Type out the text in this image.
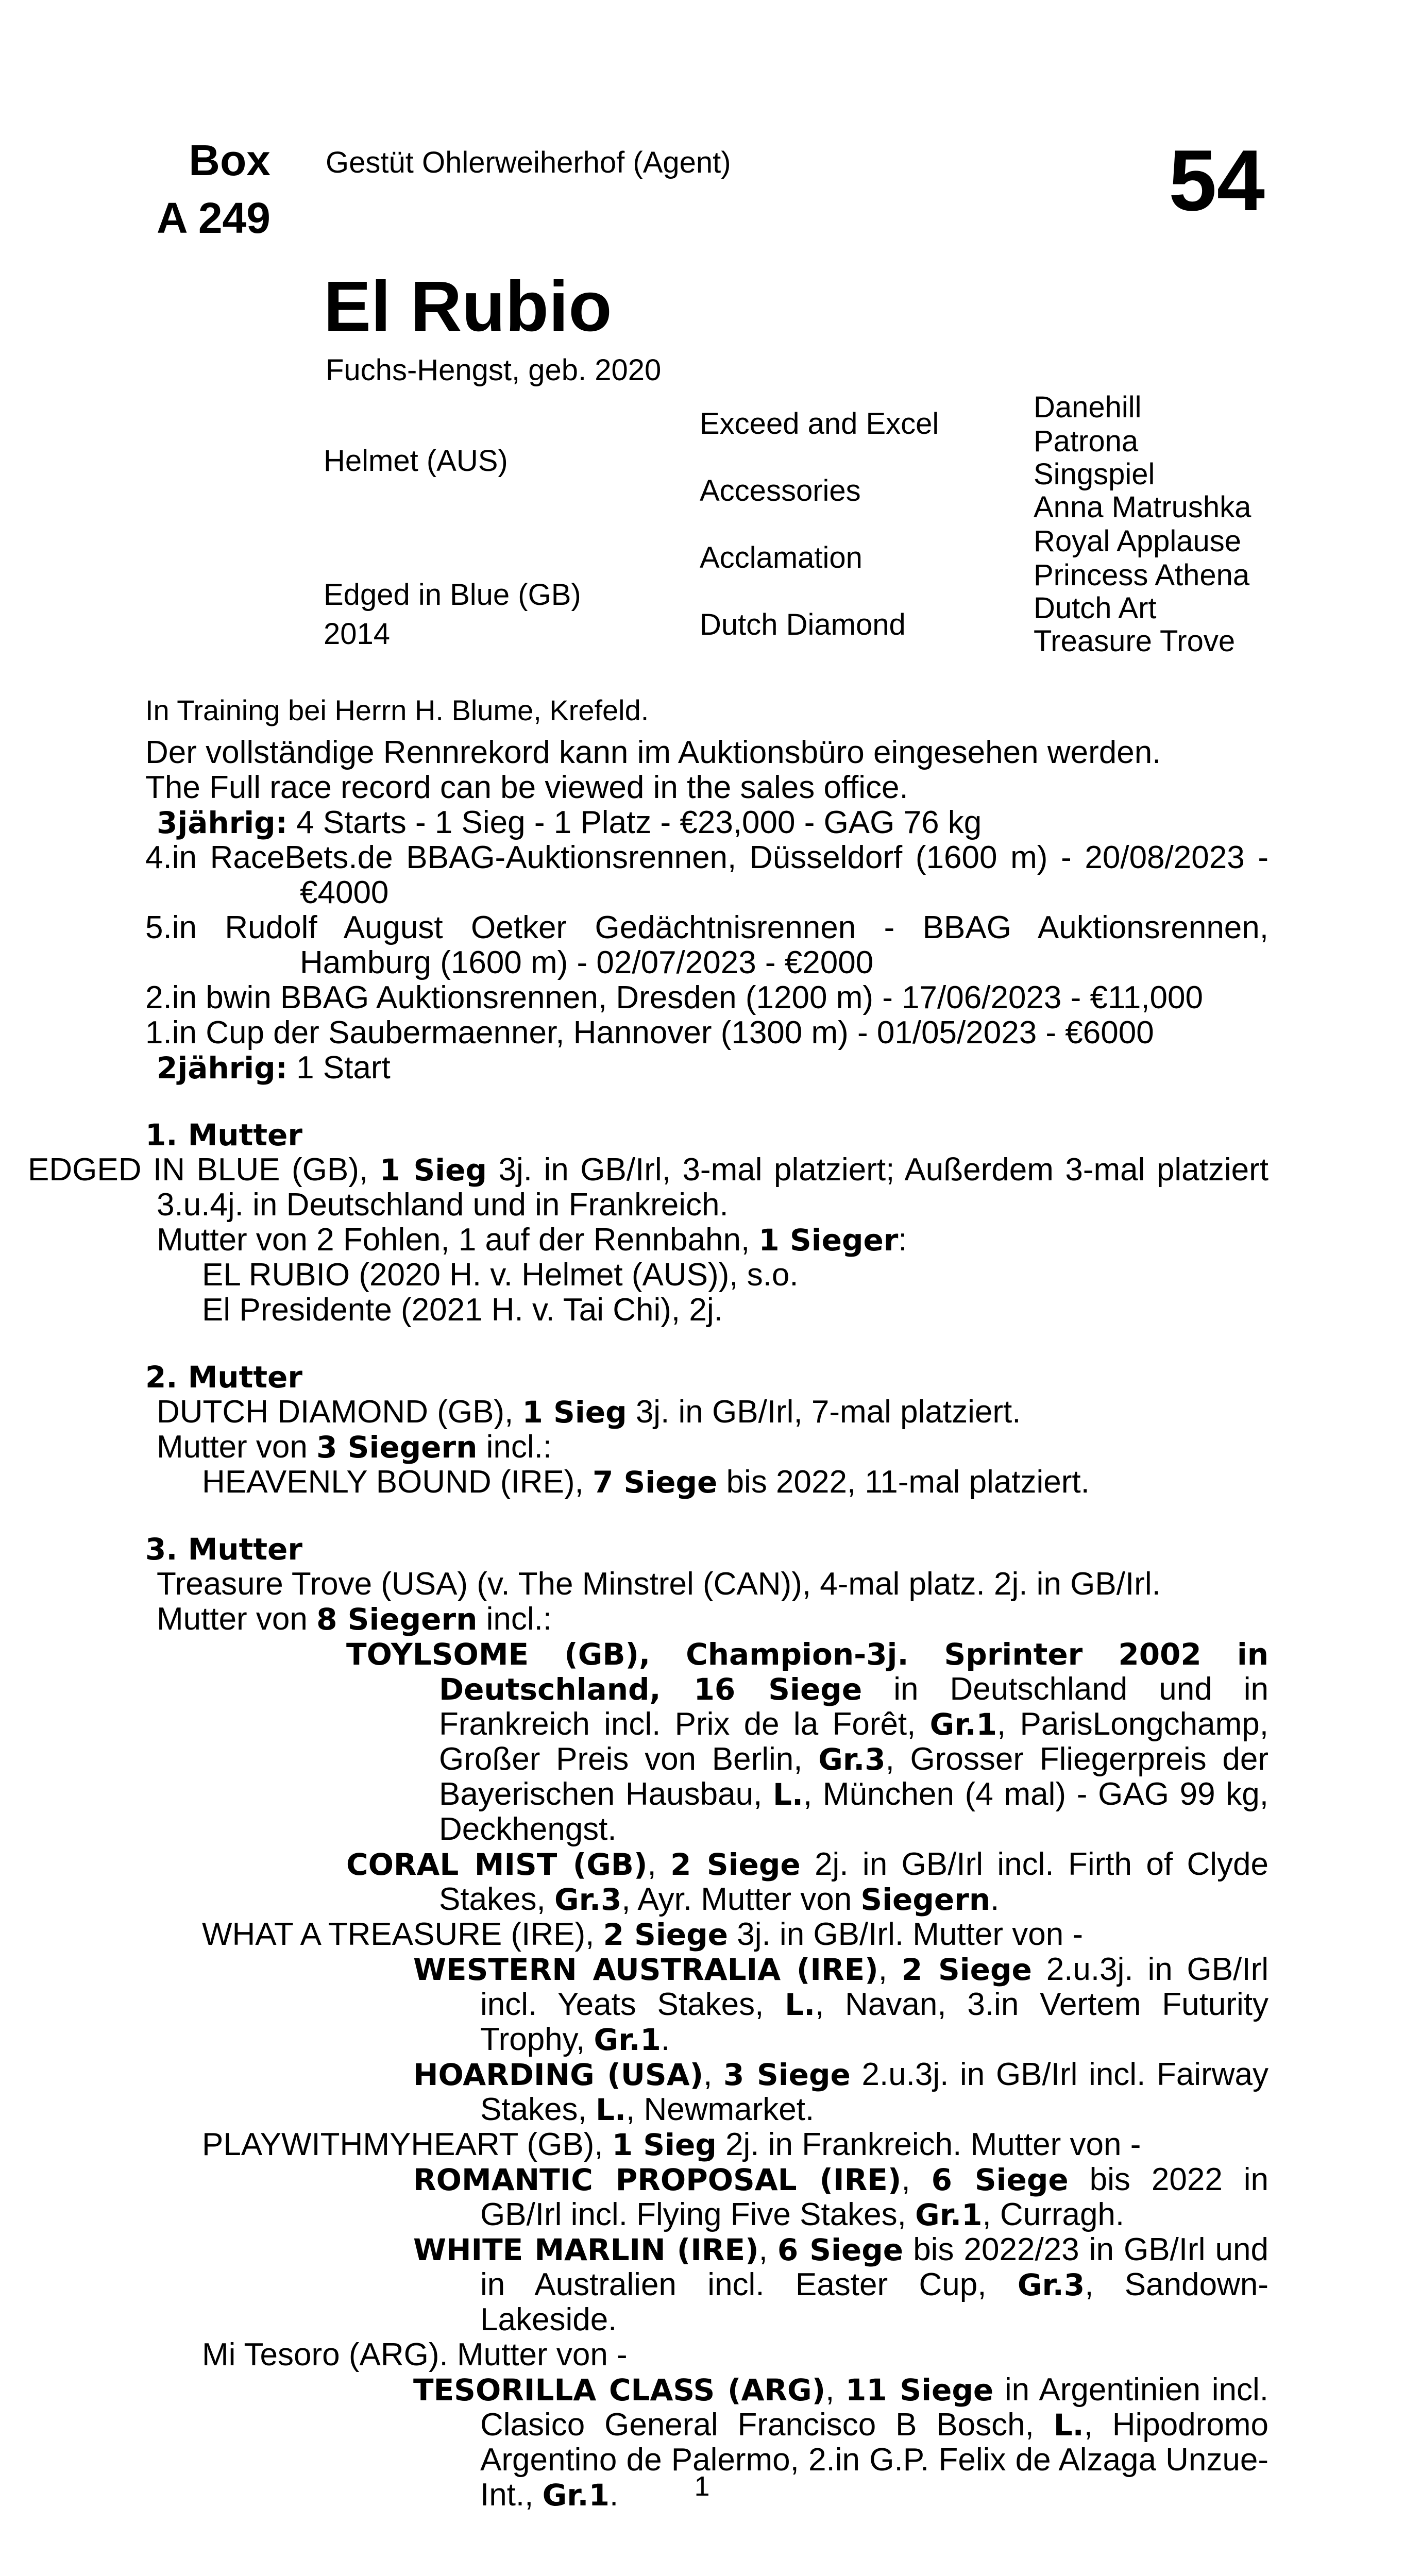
Box
A 249
Gestüt Ohlerweiherhof (Agent)	54
El Rubio
Fuchs-Hengst, geb. 2020
Helmet (AUS)
Edged in Blue (GB)
2014
Exceed and Excel
Accessories
Acclamation
Dutch Diamond
Danehill
Patrona
Singspiel
Anna Matrushka
Royal Applause
Princess Athena
Dutch Art
Treasure Trove

In Training bei Herrn H. Blume, Krefeld.

Der vollständige Rennrekord kann im Auktionsbüro eingesehen werden.

The Full race record can be viewed in the sales office.

3jährig: 4 Starts - 1 Sieg - 1 Platz - €23,000 - GAG 76 kg

4.in RaceBets.de BBAG-Auktionsrennen, Düsseldorf (1600 m) - 20/08/2023 - €4000

5.in Rudolf August Oetker Gedächtnisrennen - BBAG Auktionsrennen, Hamburg (1600 m) - 02/07/2023 - €2000

2.in bwin BBAG Auktionsrennen, Dresden (1200 m) - 17/06/2023 - €11,000

1.in Cup der Saubermaenner, Hannover (1300 m) - 01/05/2023 - €6000

2jährig: 1 Start

1. Mutter

EDGED IN BLUE (GB), 1 Sieg 3j. in GB/Irl, 3-mal platziert; Außerdem 3-mal platziert 3.u.4j. in Deutschland und in Frankreich.

Mutter von 2 Fohlen, 1 auf der Rennbahn, 1 Sieger:

EL RUBIO (2020 H. v. Helmet (AUS)), s.o.

El Presidente (2021 H. v. Tai Chi), 2j.

2. Mutter

DUTCH DIAMOND (GB), 1 Sieg 3j. in GB/Irl, 7-mal platziert.

Mutter von 3 Siegern incl.:

HEAVENLY BOUND (IRE), 7 Siege bis 2022, 11-mal platziert.

3. Mutter

Treasure Trove (USA) (v. The Minstrel (CAN)), 4-mal platz. 2j. in GB/Irl.

Mutter von 8 Siegern incl.:

TOYLSOME (GB), Champion-3j. Sprinter 2002 in Deutschland, 16 Siege in Deutschland und in Frankreich incl. Prix de la Forêt, Gr.1, ParisLongchamp, Großer Preis von Berlin, Gr.3, Grosser Fliegerpreis der Bayerischen Hausbau, L., München (4 mal) - GAG 99 kg, Deckhengst.

CORAL MIST (GB), 2 Siege 2j. in GB/Irl incl. Firth of Clyde Stakes, Gr.3, Ayr. Mutter von Siegern.

WHAT A TREASURE (IRE), 2 Siege 3j. in GB/Irl. Mutter von -

WESTERN AUSTRALIA (IRE), 2 Siege 2.u.3j. in GB/Irl incl. Yeats Stakes, L., Navan, 3.in Vertem Futurity Trophy, Gr.1.

HOARDING (USA), 3 Siege 2.u.3j. in GB/Irl incl. Fairway Stakes, L., Newmarket.

PLAYWITHMYHEART (GB), 1 Sieg 2j. in Frankreich. Mutter von -

ROMANTIC PROPOSAL (IRE), 6 Siege bis 2022 in GB/Irl incl. Flying Five Stakes, Gr.1, Curragh.

WHITE MARLIN (IRE), 6 Siege bis 2022/23 in GB/Irl und in Australien incl. Easter Cup, Gr.3, Sandown-Lakeside.

Mi Tesoro (ARG). Mutter von -

TESORILLA CLASS (ARG), 11 Siege in Argentinien incl. Clasico General Francisco B Bosch, L., Hipodromo Argentino de Palermo, 2.in G.P. Felix de Alzaga Unzue-Int., Gr.1.	1
